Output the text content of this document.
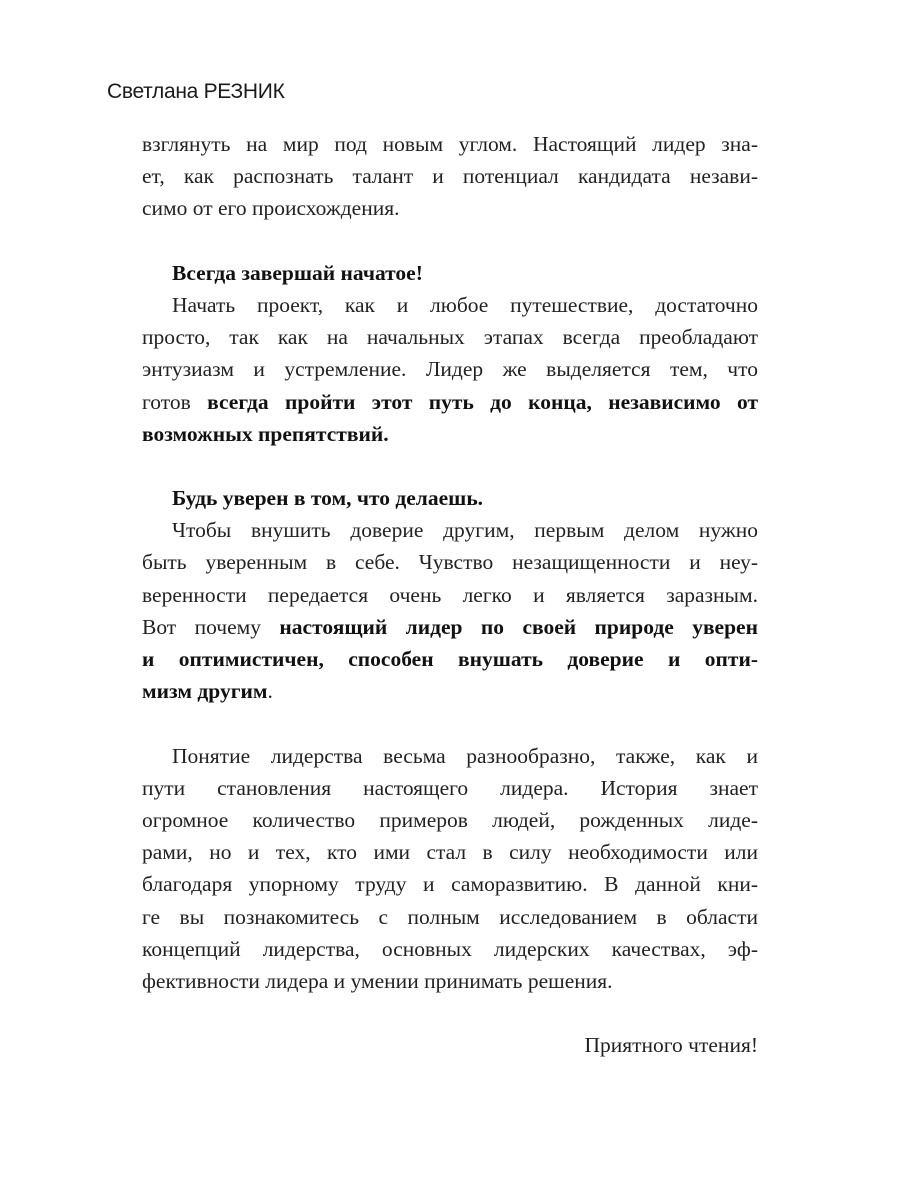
Светлана РЕЗНИК
взглянуть на мир под новым углом. Настоящий лидер зна-
ет, как распознать талант и потенциал кандидата незави-
симо от его происхождения.
Всегда завершай начатое!
Начать проект, как и любое путешествие, достаточно
просто, так как на начальных этапах всегда преобладают
энтузиазм и устремление. Лидер же выделяется тем, что
готов всегда пройти этот путь до конца, независимо от
возможных препятствий.
Будь уверен в том, что делаешь.
Чтобы внушить доверие другим, первым делом нужно
быть уверенным в себе. Чувство незащищенности и неу-
веренности передается очень легко и является заразным.
Вот почему настоящий лидер по своей природе уверен
и оптимистичен, способен внушать доверие и опти-
мизм другим.
Понятие лидерства весьма разнообразно, также, как и
пути становления настоящего лидера. История знает
огромное количество примеров людей, рожденных лиде-
рами, но и тех, кто ими стал в силу необходимости или
благодаря упорному труду и саморазвитию. В данной кни-
ге вы познакомитесь с полным исследованием в области
концепций лидерства, основных лидерских качествах, эф-
фективности лидера и умении принимать решения.
Приятного чтения!
